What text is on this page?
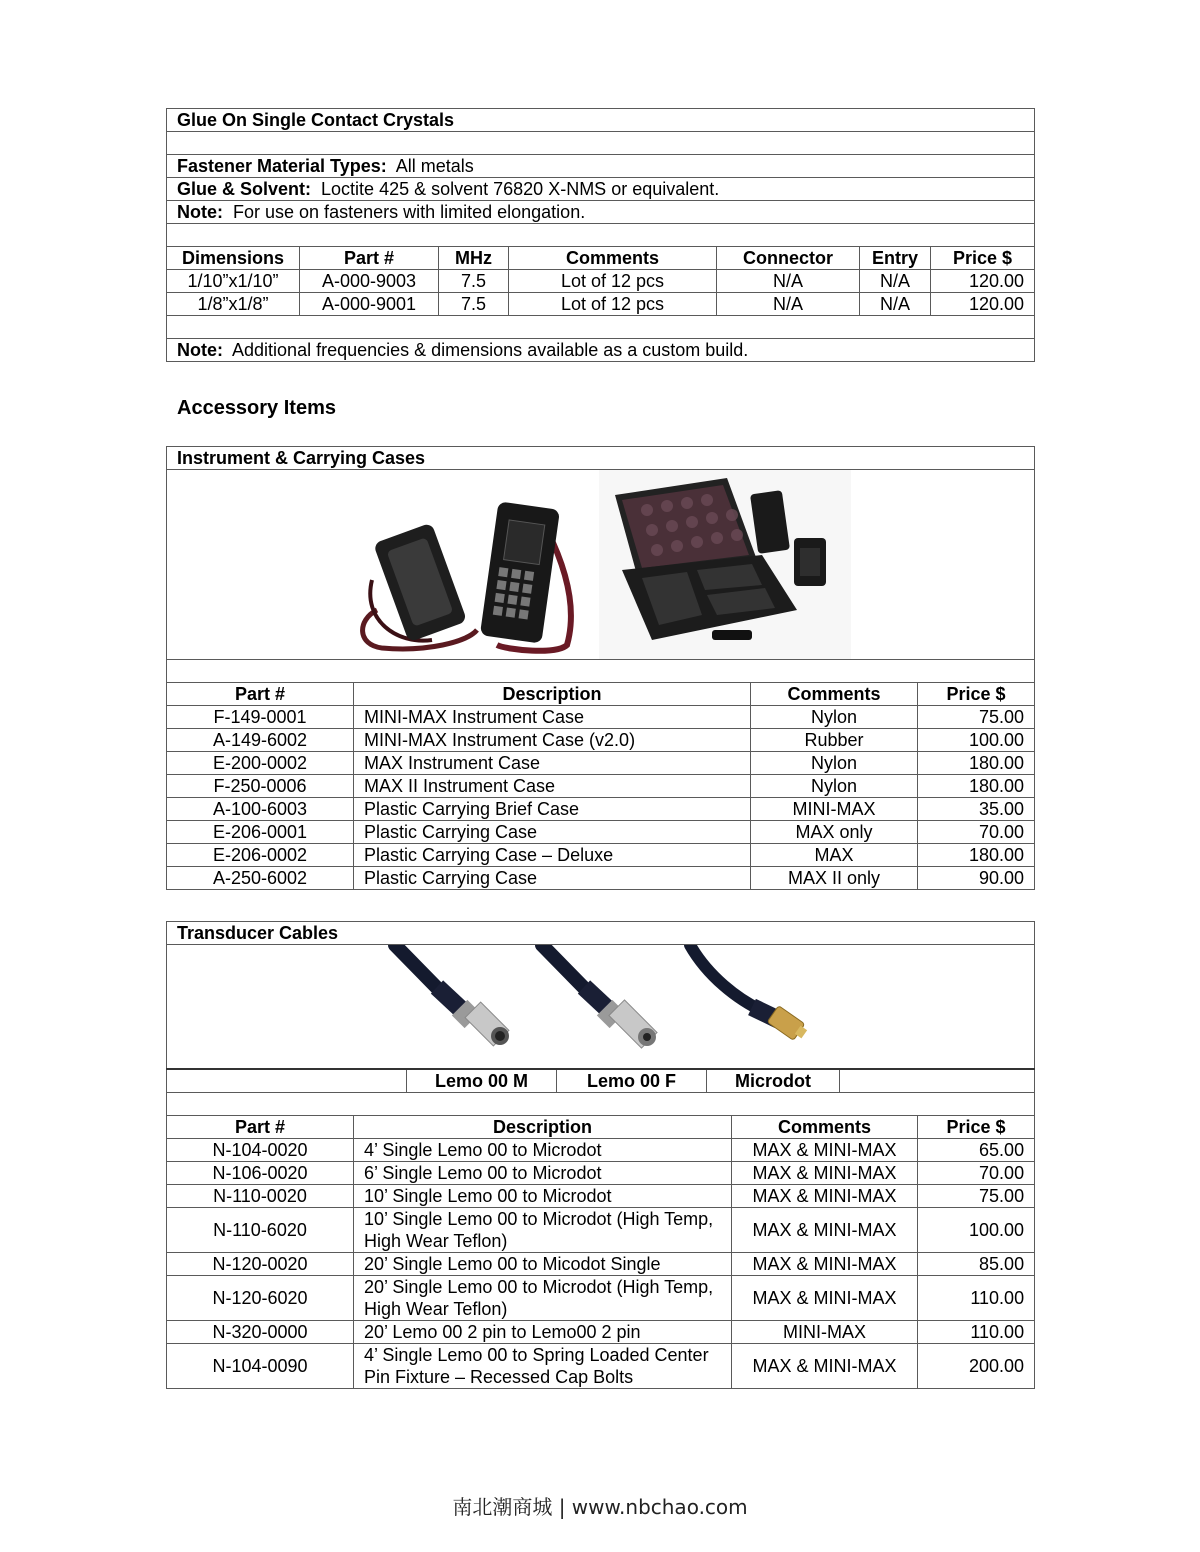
Glue On Single Contact Crystals						

Fastener Material Types: All metals						
Glue & Solvent: Loctite 425 & solvent 76820 X-NMS or equivalent.						
Note: For use on fasteners with limited elongation.						

Dimensions	Part #	MHz	Comments	Connector	Entry	Price $
1/10”x1/10”	A-000-9003	7.5	Lot of 12 pcs	N/A	N/A	120.00
1/8”x1/8”	A-000-9001	7.5	Lot of 12 pcs	N/A	N/A	120.00

Note: Additional frequencies & dimensions available as a custom build.						
Accessory Items
Instrument & Carrying Cases			

Part #	Description	Comments	Price $
F-149-0001	MINI-MAX Instrument Case	Nylon	75.00
A-149-6002	MINI-MAX Instrument Case (v2.0)	Rubber	100.00
E-200-0002	MAX Instrument Case	Nylon	180.00
F-250-0006	MAX II Instrument Case	Nylon	180.00
A-100-6003	Plastic Carrying Brief Case	MINI-MAX	35.00
E-206-0001	Plastic Carrying Case	MAX only	70.00
E-206-0002	Plastic Carrying Case – Deluxe	MAX	180.00
A-250-6002	Plastic Carrying Case	MAX II only	90.00
Transducer Cables							

		Lemo 00 M	Lemo 00 F	Microdot			

Part #	Description				Comments		Price $
N-104-0020	4’ Single Lemo 00 to Microdot				MAX & MINI-MAX		65.00
N-106-0020	6’ Single Lemo 00 to Microdot				MAX & MINI-MAX		70.00
N-110-0020	10’ Single Lemo 00 to Microdot				MAX & MINI-MAX		75.00
N-110-6020	10’ Single Lemo 00 to Microdot (High Temp, High Wear Teflon)				MAX & MINI-MAX		100.00
N-120-0020	20’ Single Lemo 00 to Micodot Single				MAX & MINI-MAX		85.00
N-120-6020	20’ Single Lemo 00 to Microdot (High Temp, High Wear Teflon)				MAX & MINI-MAX		110.00
N-320-0000	20’ Lemo 00 2 pin to Lemo00 2 pin				MINI-MAX		110.00
N-104-0090	4’ Single Lemo 00 to Spring Loaded Center Pin Fixture – Recessed Cap Bolts				MAX & MINI-MAX		200.00
南北潮商城 | www.nbchao.com
